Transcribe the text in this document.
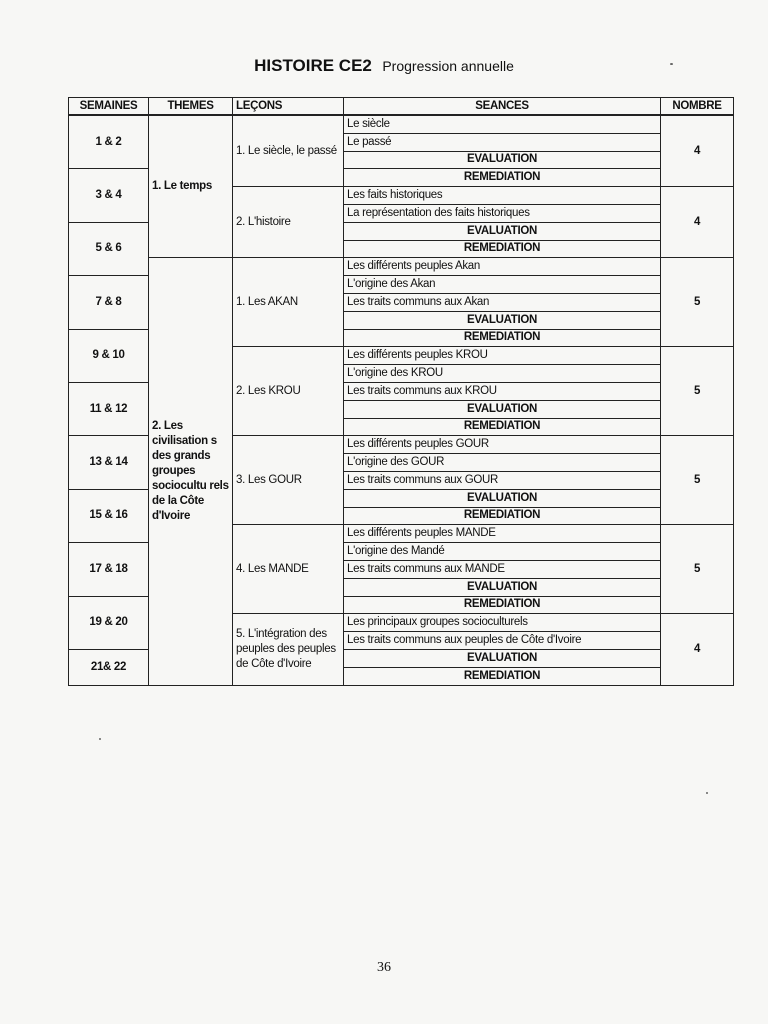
HISTOIRE CE2 Progression annuelle
SEMAINES	THEMES	LEÇONS	SEANCES	NOMBRE
1 & 2	1. Le temps	1. Le siècle, le passé	Le siècle	4
			Le passé	
			EVALUATION	
3 & 4			REMEDIATION	
		2. L'histoire	Les faits historiques	4
			La représentation des faits historiques	
5 & 6			EVALUATION	
			REMEDIATION	
	2. Les civilisation s des grands groupes sociocultu rels de la Côte d'Ivoire	1. Les AKAN	Les différents peuples Akan	5
7 & 8			L'origine des Akan	
			Les traits communs aux Akan	
			EVALUATION	
9 & 10			REMEDIATION	
		2. Les KROU	Les différents peuples KROU	5
			L'origine des KROU	
11 & 12			Les traits communs aux KROU	
			EVALUATION	
			REMEDIATION	
13 & 14		3. Les GOUR	Les différents peuples GOUR	5
			L'origine des GOUR	
			Les traits communs aux GOUR	
15 & 16			EVALUATION	
			REMEDIATION	
		4. Les MANDE	Les différents peuples MANDE	5
17 & 18			L'origine des Mandé	
			Les traits communs aux MANDE	
			EVALUATION	
19 & 20			REMEDIATION	
		5. L'intégration des peuples des peuples de Côte d'Ivoire	Les principaux groupes socioculturels	4
			Les traits communs aux peuples de Côte d'Ivoire	
21& 22			EVALUATION	
			REMEDIATION	
36
